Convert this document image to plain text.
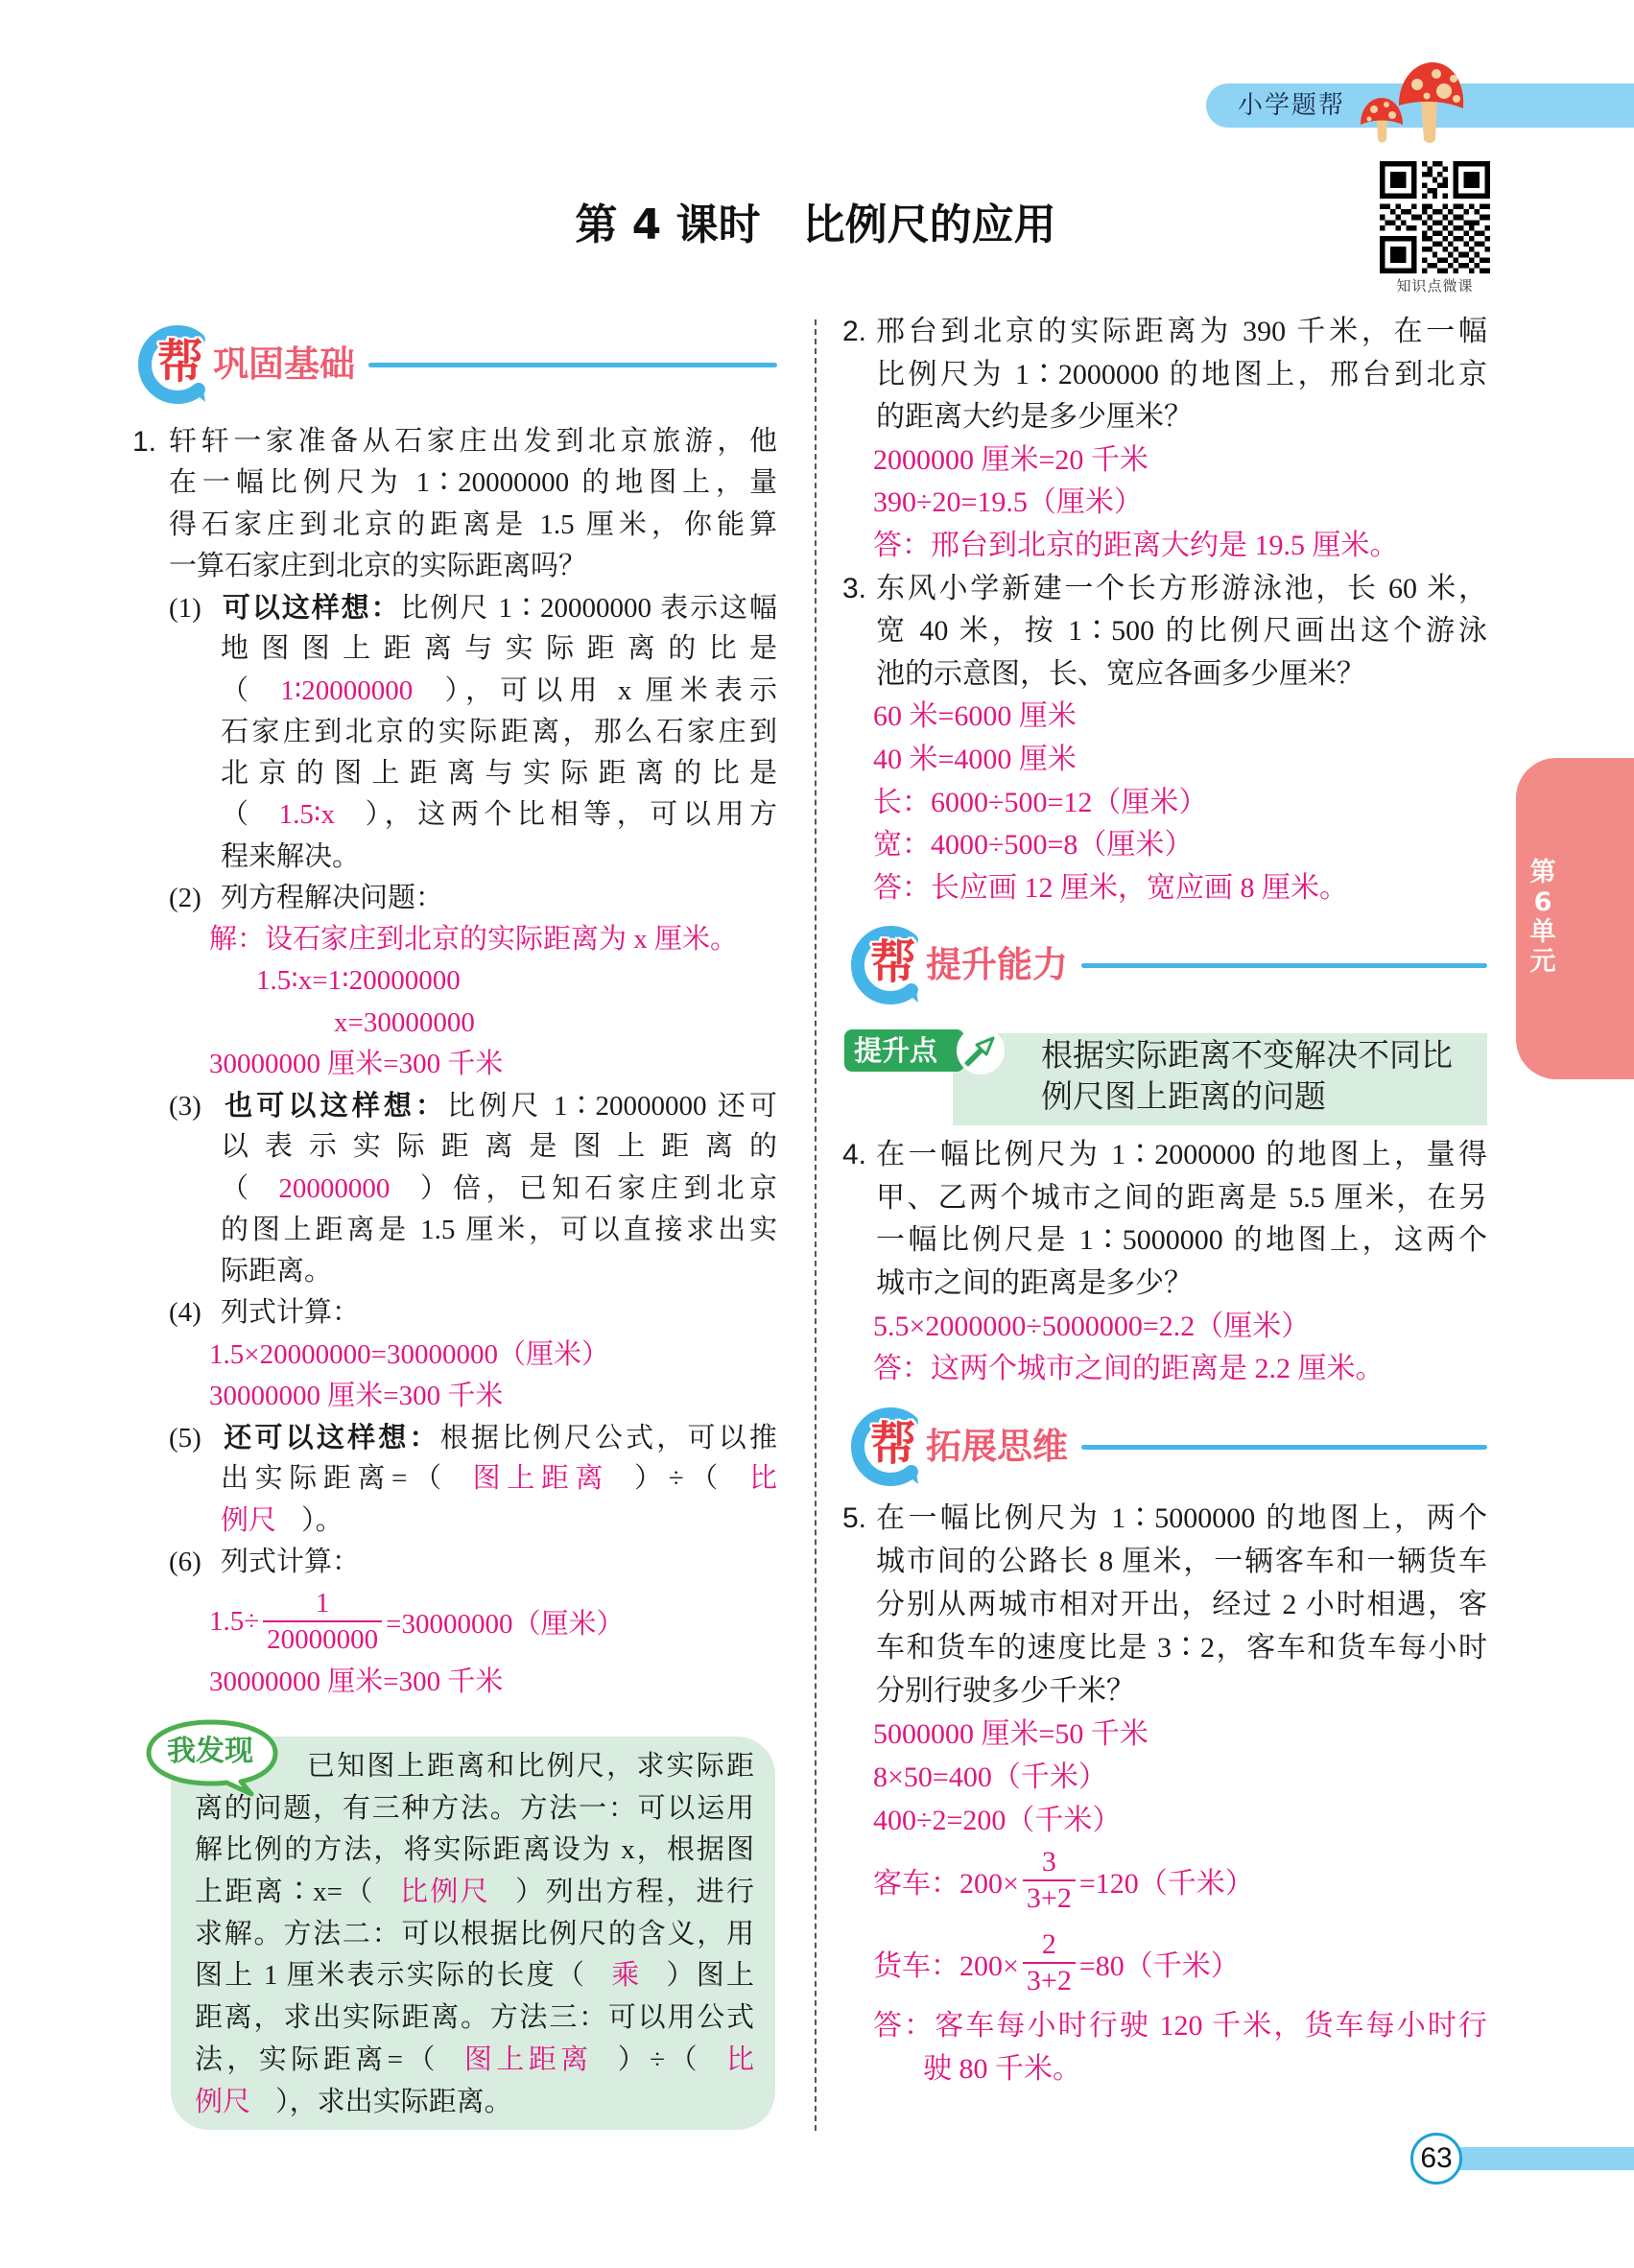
小学题帮
知识点微课
第 4 课时　比例尺的应用
第
6
单
元
帮 巩固基础
1. 轩轩一家准备从石家庄出发到北京旅游，他
在一幅比例尺为 1∶20000000 的地图上，量
得石家庄到北京的距离是 1.5 厘米，你能算
一算石家庄到北京的实际距离吗？
(1) 可以这样想：比例尺 1∶20000000 表示这幅
地图图上距离与实际距离的比是
（ 1∶20000000 ），可以用 x 厘米表示
石家庄到北京的实际距离，那么石家庄到
北京的图上距离与实际距离的比是
（ 1.5∶x ），这两个比相等，可以用方
程来解决。
(2) 列方程解决问题：
解：设石家庄到北京的实际距离为 x 厘米。
1.5∶x=1∶20000000
x=30000000
30000000 厘米=300 千米
(3) 也可以这样想：比例尺 1∶20000000 还可
以表示实际距离是图上距离的
（ 20000000 ）倍，已知石家庄到北京
的图上距离是 1.5 厘米，可以直接求出实
际距离。
(4) 列式计算：
1.5×20000000=30000000（厘米）
30000000 厘米=300 千米
(5) 还可以这样想：根据比例尺公式，可以推
出实际距离=（ 图上距离 ）÷（ 比
例尺 ）。
(6) 列式计算：
$1.5\div \frac{1}{20000000} =30000000$（厘米）
30000000 厘米=300 千米
我发现	已知图上距离和比例尺，求实际距
离的问题，有三种方法。方法一：可以运用
解比例的方法，将实际距离设为 x，根据图
上距离∶x=（ 比例尺 ）列出方程，进行
求解。方法二：可以根据比例尺的含义，用
图上 1 厘米表示实际的长度（ 乘 ）图上
距离，求出实际距离。方法三：可以用公式
法，实际距离=（ 图上距离 ）÷（ 比
例尺 ），求出实际距离。
2. 邢台到北京的实际距离为 390 千米，在一幅
比例尺为 1∶2000000 的地图上，邢台到北京
的距离大约是多少厘米？
2000000 厘米=20 千米
390÷20=19.5（厘米）
答：邢台到北京的距离大约是 19.5 厘米。
3. 东风小学新建一个长方形游泳池，长 60 米，
宽 40 米，按 1∶500 的比例尺画出这个游泳
池的示意图，长、宽应各画多少厘米？
60 米=6000 厘米
40 米=4000 厘米
长：6000÷500=12（厘米）
宽：4000÷500=8（厘米）
答：长应画 12 厘米，宽应画 8 厘米。
帮 提升能力
提升点	根据实际距离不变解决不同比
例尺图上距离的问题
4. 在一幅比例尺为 1∶2000000 的地图上，量得
甲、乙两个城市之间的距离是 5.5 厘米，在另
一幅比例尺是 1∶5000000 的地图上，这两个
城市之间的距离是多少？
5.5×2000000÷5000000=2.2（厘米）
答：这两个城市之间的距离是 2.2 厘米。
帮 拓展思维
5. 在一幅比例尺为 1∶5000000 的地图上，两个
城市间的公路长 8 厘米，一辆客车和一辆货车
分别从两城市相对开出，经过 2 小时相遇，客
车和货车的速度比是 3∶2，客车和货车每小时
分别行驶多少千米？
5000000 厘米=50 千米
8×50=400（千米）
400÷2=200（千米）
客车：$200\times \frac{3}{3+2} =120$（千米）
货车：$200\times \frac{2}{3+2} =80$（千米）
答：客车每小时行驶 120 千米，货车每小时行
驶 80 千米。
63
